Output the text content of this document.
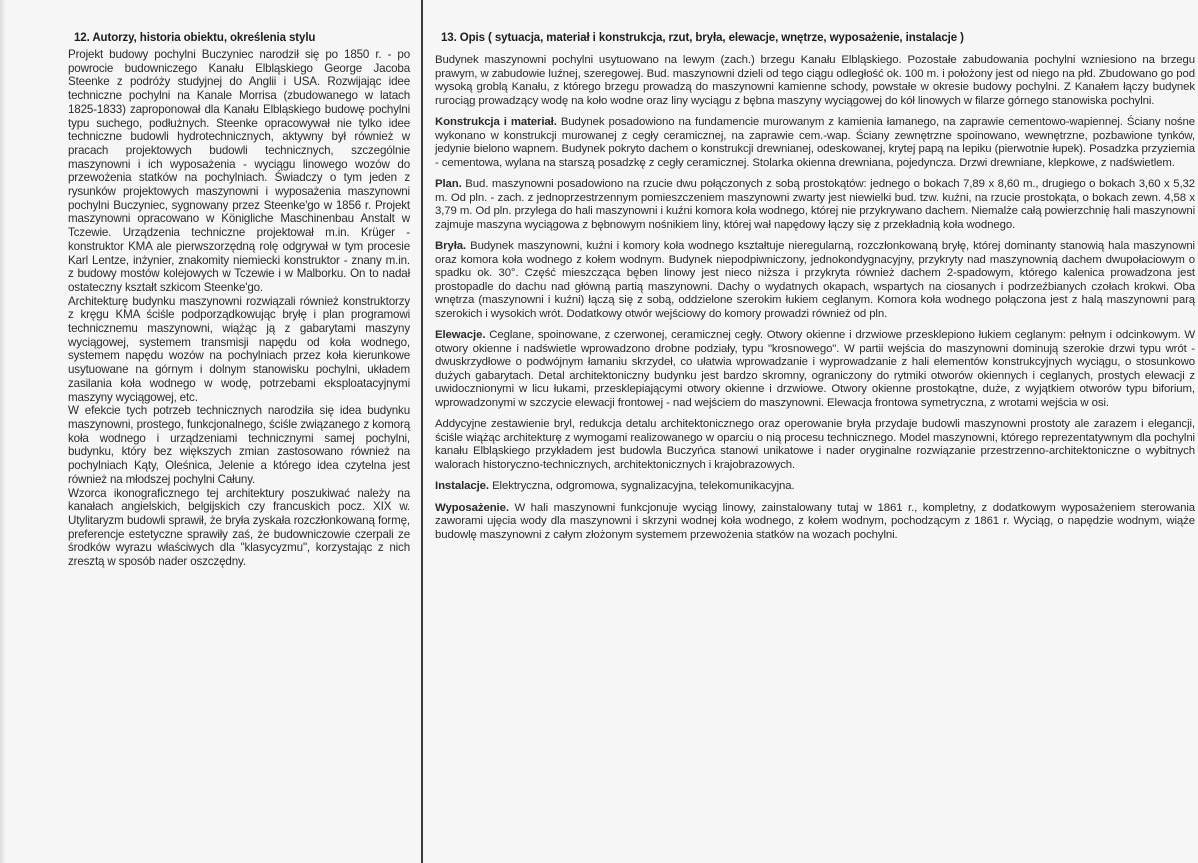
12. Autorzy, historia obiektu, określenia stylu

Projekt budowy pochylni Buczyniec narodził się po 1850 r. - po powrocie budowniczego Kanału Elbląskiego George Jacoba Steenke z podróży studyjnej do Anglii i USA. Rozwijając idee techniczne pochylni na Kanale Morrisa (zbudowanego w latach 1825-1833) zaproponował dla Kanału Elbląskiego budowę pochylni typu suchego, podłużnych. Steenke opracowywał nie tylko idee techniczne budowli hydrotechnicznych, aktywny był również w pracach projektowych budowli technicznych, szczególnie maszynowni i ich wyposażenia - wyciągu linowego wozów do przewożenia statków na pochylniach. Świadczy o tym jeden z rysunków projektowych maszynowni i wyposażenia maszynowni pochylni Buczyniec, sygnowany przez Steenke'go w 1856 r. Projekt maszynowni opracowano w Königliche Maschinenbau Anstalt w Tczewie. Urządzenia techniczne projektował m.in. Krüger - konstruktor KMA ale pierwszorzędną rolę odgrywał w tym procesie Karl Lentze, inżynier, znakomity niemiecki konstruktor - znany m.in. z budowy mostów kolejowych w Tczewie i w Malborku. On to nadał ostateczny kształt szkicom Steenke'go.

Architekturę budynku maszynowni rozwiązali również konstruktorzy z kręgu KMA ściśle podporządkowując bryłę i plan programowi technicznemu maszynowni, wiążąc ją z gabarytami maszyny wyciągowej, systemem transmisji napędu od koła wodnego, systemem napędu wozów na pochylniach przez koła kierunkowe usytuowane na górnym i dolnym stanowisku pochylni, układem zasilania koła wodnego w wodę, potrzebami eksploatacyjnymi maszyny wyciągowej, etc.

W efekcie tych potrzeb technicznych narodziła się idea budynku maszynowni, prostego, funkcjonalnego, ściśle związanego z komorą koła wodnego i urządzeniami technicznymi samej pochylni, budynku, który bez większych zmian zastosowano również na pochylniach Kąty, Oleśnica, Jelenie a którego idea czytelna jest również na młodszej pochylni Całuny.

Wzorca ikonograficznego tej architektury poszukiwać należy na kanałach angielskich, belgijskich czy francuskich pocz. XIX w. Utylitaryzm budowli sprawił, że bryła zyskała rozczłonkowaną formę, preferencje estetyczne sprawiły zaś, że budowniczowie czerpali ze środków wyrazu właściwych dla "klasycyzmu", korzystając z nich zresztą w sposób nader oszczędny.

13. Opis ( sytuacja, materiał i konstrukcja, rzut, bryła, elewacje, wnętrze, wyposażenie, instalacje )

Budynek maszynowni pochylni usytuowano na lewym (zach.) brzegu Kanału Elbląskiego. Pozostałe zabudowania pochylni wzniesiono na brzegu prawym, w zabudowie luźnej, szeregowej. Bud. maszynowni dzieli od tego ciągu odległość ok. 100 m. i położony jest od niego na płd. Zbudowano go pod wysoką groblą Kanału, z którego brzegu prowadzą do maszynowni kamienne schody, powstałe w okresie budowy pochylni. Z Kanałem łączy budynek rurociąg prowadzący wodę na koło wodne oraz liny wyciągu z bębna maszyny wyciągowej do kół linowych w filarze górnego stanowiska pochylni.

Konstrukcja i materiał. Budynek posadowiono na fundamencie murowanym z kamienia łamanego, na zaprawie cementowo-wapiennej. Ściany nośne wykonano w konstrukcji murowanej z cegły ceramicznej, na zaprawie cem.-wap. Ściany zewnętrzne spoinowano, wewnętrzne, pozbawione tynków, jedynie bielono wapnem. Budynek pokryto dachem o konstrukcji drewnianej, odeskowanej, krytej papą na lepiku (pierwotnie łupek). Posadzka przyziemia - cementowa, wylana na starszą posadzkę z cegły ceramicznej. Stolarka okienna drewniana, pojedyncza. Drzwi drewniane, klepkowe, z nadświetlem.

Plan. Bud. maszynowni posadowiono na rzucie dwu połączonych z sobą prostokątów: jednego o bokach 7,89 x 8,60 m., drugiego o bokach 3,60 x 5,32 m. Od pln. - zach. z jednoprzestrzennym pomieszczeniem maszynowni zwarty jest niewielki bud. tzw. kuźni, na rzucie prostokąta, o bokach zewn. 4,58 x 3,79 m. Od pln. przylega do hali maszynowni i kuźni komora koła wodnego, której nie przykrywano dachem. Niemalże całą powierzchnię hali maszynowni zajmuje maszyna wyciągowa z bębnowym nośnikiem liny, której wał napędowy łączy się z przekładnią koła wodnego.

Bryła. Budynek maszynowni, kuźni i komory koła wodnego kształtuje nieregularną, rozczłonkowaną bryłę, której dominanty stanowią hala maszynowni oraz komora koła wodnego z kołem wodnym. Budynek niepodpiwniczony, jednokondygnacyjny, przykryty nad maszynownią dachem dwupołaciowym o spadku ok. 30°. Część mieszcząca bęben linowy jest nieco niższa i przykryta również dachem 2-spadowym, którego kalenica prowadzona jest prostopadle do dachu nad główną partią maszynowni. Dachy o wydatnych okapach, wspartych na ciosanych i podrzeźbianych czołach krokwi. Oba wnętrza (maszynowni i kuźni) łączą się z sobą, oddzielone szerokim łukiem ceglanym. Komora koła wodnego połączona jest z halą maszynowni parą szerokich i wysokich wrót. Dodatkowy otwór wejściowy do komory prowadzi również od pln.

Elewacje. Ceglane, spoinowane, z czerwonej, ceramicznej cegły. Otwory okienne i drzwiowe przesklepiono łukiem ceglanym: pełnym i odcinkowym. W otwory okienne i nadświetle wprowadzono drobne podziały, typu "krosnowego". W partii wejścia do maszynowni dominują szerokie drzwi typu wrót - dwuskrzydłowe o podwójnym łamaniu skrzydeł, co ułatwia wprowadzanie i wyprowadzanie z hali elementów konstrukcyjnych wyciągu, o stosunkowo dużych gabarytach. Detal architektoniczny budynku jest bardzo skromny, ograniczony do rytmiki otworów okiennych i ceglanych, prostych elewacji z uwidocznionymi w licu łukami, przesklepiającymi otwory okienne i drzwiowe. Otwory okienne prostokątne, duże, z wyjątkiem otworów typu biforium, wprowadzonymi w szczycie elewacji frontowej - nad wejściem do maszynowni. Elewacja frontowa symetryczna, z wrotami wejścia w osi.

Addycyjne zestawienie bryl, redukcja detalu architektonicznego oraz operowanie bryła przydaje budowli maszynowni prostoty ale zarazem i elegancji, ściśle wiążąc architekturę z wymogami realizowanego w oparciu o nią procesu technicznego. Model maszynowni, którego reprezentatywnym dla pochylni kanału Elbląskiego przykładem jest budowla Buczyńca stanowi unikatowe i nader oryginalne rozwiązanie przestrzenno-architektoniczne o wybitnych walorach historyczno-technicznych, architektonicznych i krajobrazowych.

Instalacje. Elektryczna, odgromowa, sygnalizacyjna, telekomunikacyjna.

Wyposażenie. W hali maszynowni funkcjonuje wyciąg linowy, zainstalowany tutaj w 1861 r., kompletny, z dodatkowym wyposażeniem sterowania zaworami ujęcia wody dla maszynowni i skrzyni wodnej koła wodnego, z kołem wodnym, pochodzącym z 1861 r. Wyciąg, o napędzie wodnym, wiąże budowlę maszynowni z całym złożonym systemem przewożenia statków na wozach pochylni.
